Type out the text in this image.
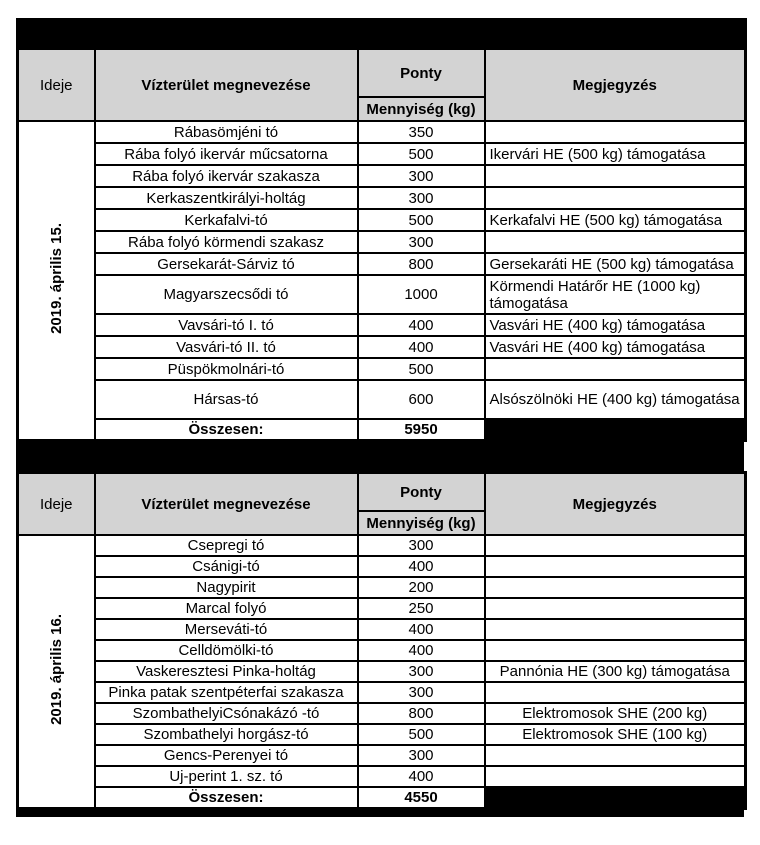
Ideje	Vízterület megnevezése	Ponty	Megjegyzés
		Mennyiség (kg)	
2019. április 15.	Rábasömjéni tó	350	
	Rába folyó ikervár műcsatorna	500	Ikervári HE (500 kg) támogatása
	Rába folyó ikervár szakasza	300	
	Kerkaszentkirályi-holtág	300	
	Kerkafalvi-tó	500	Kerkafalvi HE (500 kg) támogatása
	Rába folyó körmendi szakasz	300	
	Gersekarát-Sárviz tó	800	Gersekaráti HE (500 kg) támogatása
	Magyarszecsődi tó	1000	Körmendi Határőr HE (1000 kg) támogatása
	Vavsári-tó I. tó	400	Vasvári HE (400 kg) támogatása
	Vasvári-tó II. tó	400	Vasvári HE (400 kg) támogatása
	Püspökmolnári-tó	500	
	Hársas-tó	600	Alsószölnöki HE (400 kg) támogatása
	Összesen:	5950	
Ideje	Vízterület megnevezése	Ponty	Megjegyzés
		Mennyiség (kg)	
2019. április 16.	Csepregi tó	300	
	Csánigi-tó	400	
	Nagypirit	200	
	Marcal folyó	250	
	Merseváti-tó	400	
	Celldömölki-tó	400	
	Vaskeresztesi Pinka-holtág	300	Pannónia HE (300 kg) támogatása
	Pinka patak szentpéterfai szakasza	300	
	SzombathelyiCsónakázó -tó	800	Elektromosok SHE (200 kg)
	Szombathelyi horgász-tó	500	Elektromosok SHE (100 kg)
	Gencs-Perenyei tó	300	
	Uj-perint 1. sz. tó	400	
	Összesen:	4550	
